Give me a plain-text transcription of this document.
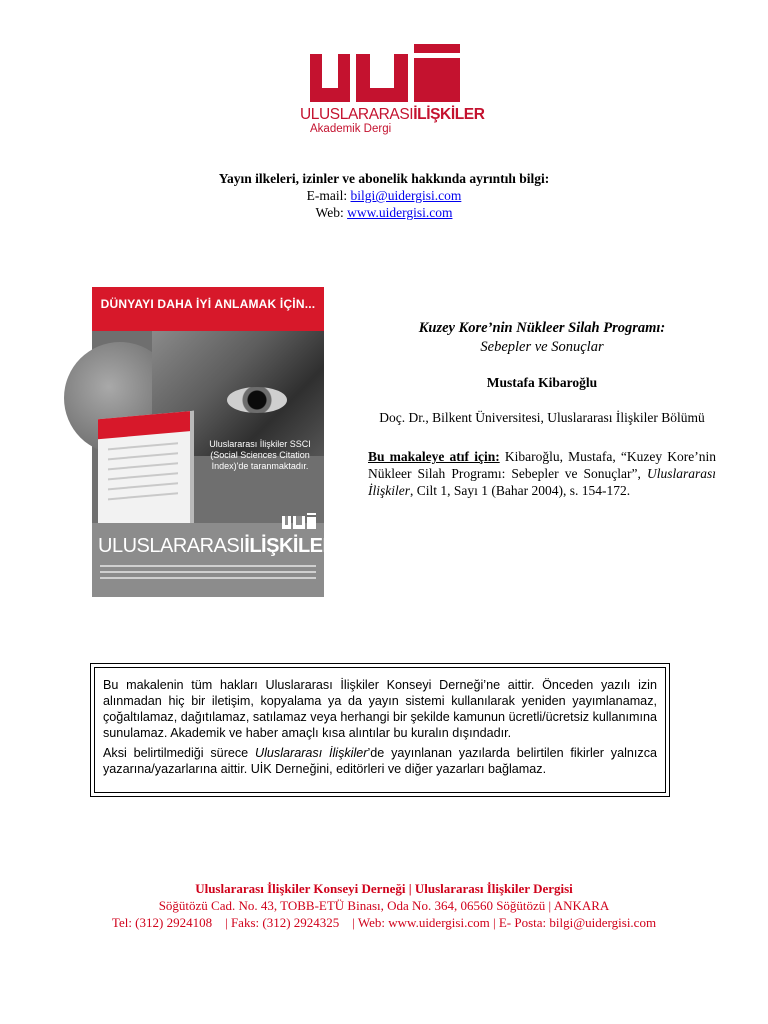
ULUSLARARASIİLİŞKİLER
Akademik Dergi
Yayın ilkeleri, izinler ve abonelik hakkında ayrıntılı bilgi:
E-mail: bilgi@uidergisi.com
Web: www.uidergisi.com
DÜNYAYI DAHA İYİ ANLAMAK İÇİN...
Uluslararası İlişkiler SSCI (Social Sciences Citation Index)'de taranmaktadır.
ULUSLARARASIİLİŞKİLER
Kuzey Kore’nin Nükleer Silah Programı:
Sebepler ve Sonuçlar
Mustafa Kibaroğlu
Doç. Dr., Bilkent Üniversitesi, Uluslararası İlişkiler Bölümü
Bu makaleye atıf için: Kibaroğlu, Mustafa, “Kuzey Kore’nin Nükleer Silah Programı: Sebepler ve Sonuçlar”, Uluslararası İlişkiler, Cilt 1, Sayı 1 (Bahar 2004), s. 154-172.

Bu makalenin tüm hakları Uluslararası İlişkiler Konseyi Derneği’ne aittir. Önceden yazılı izin alınmadan hiç bir iletişim, kopyalama ya da yayın sistemi kullanılarak yeniden yayımlanamaz, çoğaltılamaz, dağıtılamaz, satılamaz veya herhangi bir şekilde kamunun ücretli/ücretsiz kullanımına sunulamaz. Akademik ve haber amaçlı kısa alıntılar bu kuralın dışındadır.

Aksi belirtilmediği sürece Uluslararası İlişkiler’de yayınlanan yazılarda belirtilen fikirler yalnızca yazarına/yazarlarına aittir. UİK Derneğini, editörleri ve diğer yazarları bağlamaz.

Uluslararası İlişkiler Konseyi Derneği | Uluslararası İlişkiler Dergisi
Söğütözü Cad. No. 43, TOBB-ETÜ Binası, Oda No. 364, 06560 Söğütözü | ANKARA
Tel: (312) 2924108    | Faks: (312) 2924325    | Web: www.uidergisi.com | E- Posta: bilgi@uidergisi.com
